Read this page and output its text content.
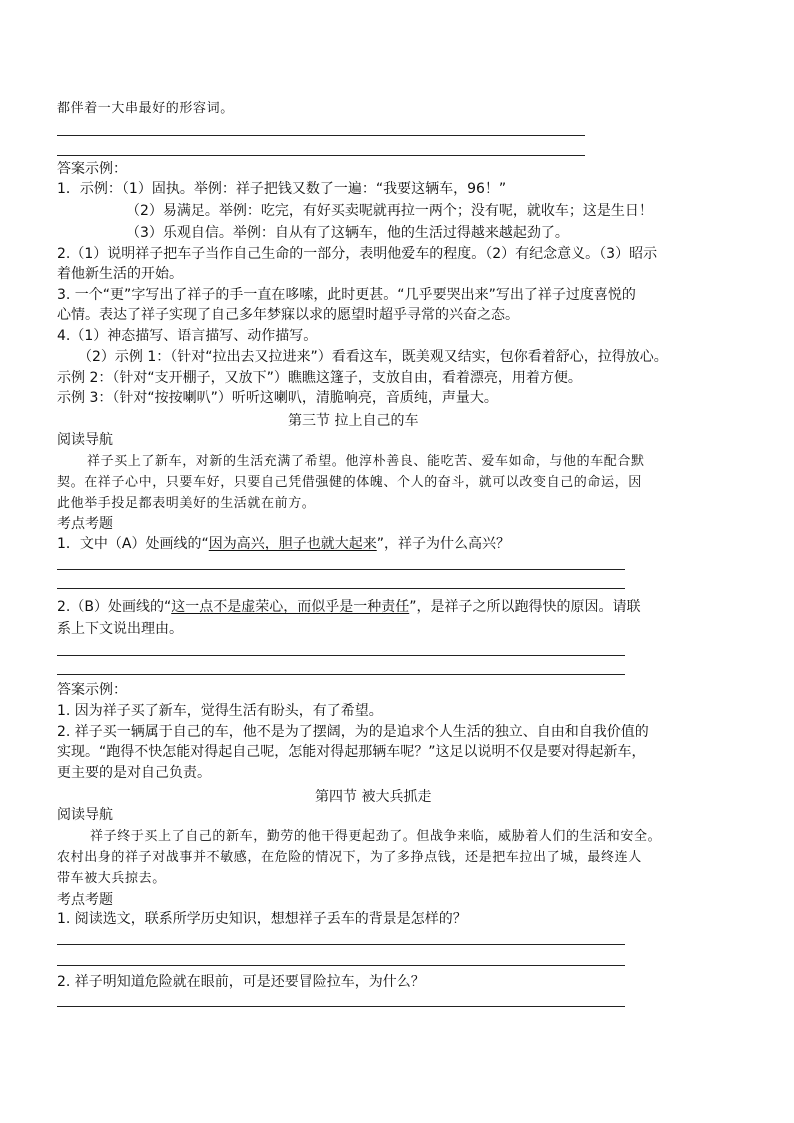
都伴着一大串最好的形容词。
答案示例：
1．示例：（1）固执。举例：祥子把钱又数了一遍：“我要这辆车，96！”
（2）易满足。举例：吃完，有好买卖呢就再拉一两个；没有呢，就收车；这是生日！
（3）乐观自信。举例：自从有了这辆车，他的生活过得越来越起劲了。
2.（1）说明祥子把车子当作自己生命的一部分，表明他爱车的程度。（2）有纪念意义。（3）昭示
着他新生活的开始。
3. 一个“更”字写出了祥子的手一直在哆嗦，此时更甚。“几乎要哭出来”写出了祥子过度喜悦的
心情。表达了祥子实现了自己多年梦寐以求的愿望时超乎寻常的兴奋之态。
4.（1）神态描写、语言描写、动作描写。
（2）示例 1：（针对“拉出去又拉进来”）看看这车，既美观又结实，包你看着舒心，拉得放心。
示例 2：（针对“支开棚子，又放下”）瞧瞧这篷子，支放自由，看着漂亮，用着方便。
示例 3：（针对“按按喇叭”）听听这喇叭，清脆响亮，音质纯，声量大。
第三节 拉上自己的车
阅读导航
祥子买上了新车，对新的生活充满了希望。他淳朴善良、能吃苦、爱车如命，与他的车配合默
契。在祥子心中，只要车好，只要自己凭借强健的体魄、个人的奋斗，就可以改变自己的命运，因
此他举手投足都表明美好的生活就在前方。
考点考题
1．文中（A）处画线的“因为高兴，胆子也就大起来”，祥子为什么高兴？
2.（B）处画线的“这一点不是虚荣心，而似乎是一种责任”，是祥子之所以跑得快的原因。请联
系上下文说出理由。
答案示例：
1. 因为祥子买了新车，觉得生活有盼头，有了希望。
2. 祥子买一辆属于自己的车，他不是为了摆阔，为的是追求个人生活的独立、自由和自我价值的
实现。“跑得不快怎能对得起自己呢，怎能对得起那辆车呢？”这足以说明不仅是要对得起新车，
更主要的是对自己负责。
第四节 被大兵抓走
阅读导航
祥子终于买上了自己的新车，勤劳的他干得更起劲了。但战争来临，威胁着人们的生活和安全。
农村出身的祥子对战事并不敏感，在危险的情况下，为了多挣点钱，还是把车拉出了城，最终连人
带车被大兵掠去。
考点考题
1. 阅读选文，联系所学历史知识，想想祥子丢车的背景是怎样的？
2. 祥子明知道危险就在眼前，可是还要冒险拉车，为什么？
